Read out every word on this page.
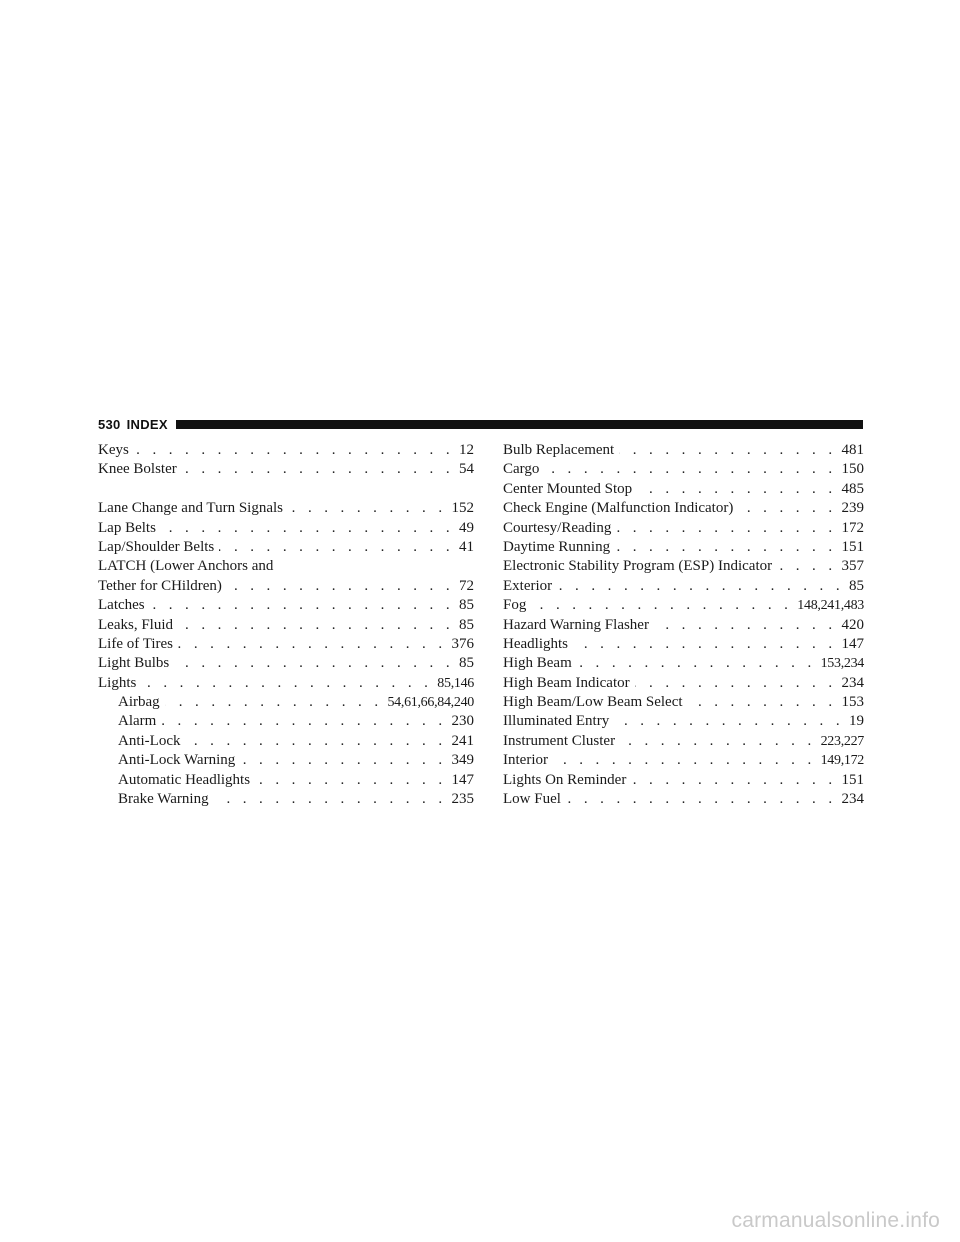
530 INDEX
Keys . . .	12
Knee Bolster . . .	54
Lane Change and Turn Signals . . .	152
Lap Belts . . .	49
Lap/Shoulder Belts . . .	41
LATCH (Lower Anchors and
Tether for CHildren) . . .	72
Latches . . .	85
Leaks, Fluid . . .	85
Life of Tires . . .	376
Light Bulbs . . .	85
Lights . . .	85,146
Airbag . . .	54,61,66,84,240
Alarm . . .	230
Anti-Lock . . .	241
Anti-Lock Warning . . .	349
Automatic Headlights . . .	147
Brake Warning . . .	235
Bulb Replacement . . .	481
Cargo . . .	150
Center Mounted Stop . . .	485
Check Engine (Malfunction Indicator) . . .	239
Courtesy/Reading . . .	172
Daytime Running . . .	151
Electronic Stability Program (ESP) Indicator . . .	357
Exterior . . .	85
Fog . . .	148,241,483
Hazard Warning Flasher . . .	420
Headlights . . .	147
High Beam . . .	153,234
High Beam Indicator . . .	234
High Beam/Low Beam Select . . .	153
Illuminated Entry . . .	19
Instrument Cluster . . .	223,227
Interior . . .	149,172
Lights On Reminder . . .	151
Low Fuel . . .	234
carmanualsonline.info
